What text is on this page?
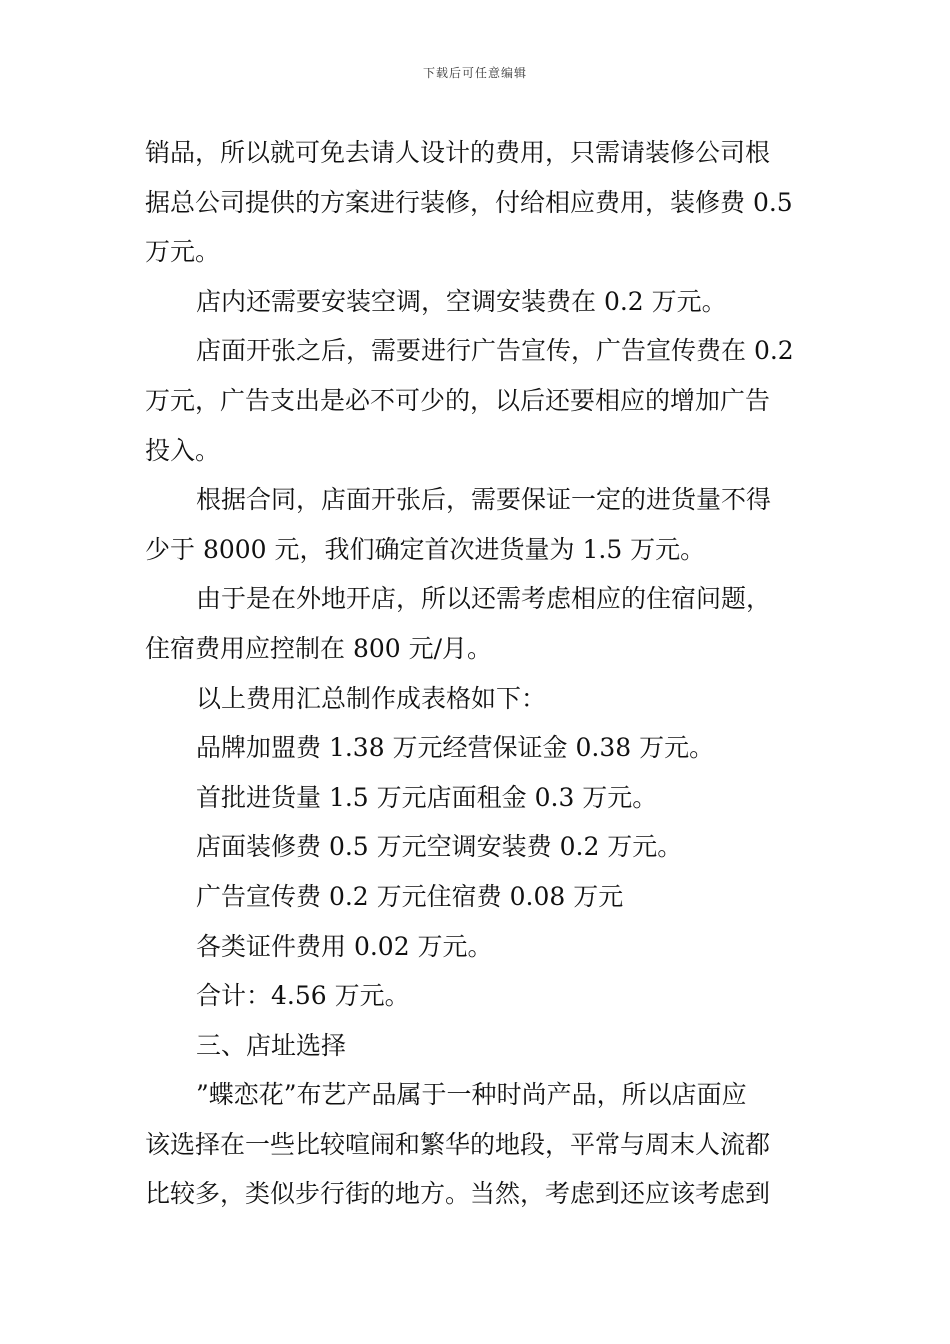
下载后可任意编辑
销品，所以就可免去请人设计的费用，只需请装修公司根
据总公司提供的方案进行装修，付给相应费用，装修费 0.5
万元。
店内还需要安装空调，空调安装费在 0.2 万元。
店面开张之后，需要进行广告宣传，广告宣传费在 0.2
万元，广告支出是必不可少的，以后还要相应的增加广告
投入。
根据合同，店面开张后，需要保证一定的进货量不得
少于 8000 元，我们确定首次进货量为 1.5 万元。
由于是在外地开店，所以还需考虑相应的住宿问题，
住宿费用应控制在 800 元/月。
以上费用汇总制作成表格如下：
品牌加盟费 1.38 万元经营保证金 0.38 万元。
首批进货量 1.5 万元店面租金 0.3 万元。
店面装修费 0.5 万元空调安装费 0.2 万元。
广告宣传费 0.2 万元住宿费 0.08 万元
各类证件费用 0.02 万元。
合计：4.56 万元。
三、店址选择
”蝶恋花”布艺产品属于一种时尚产品，所以店面应
该选择在一些比较喧闹和繁华的地段，平常与周末人流都
比较多，类似步行街的地方。当然，考虑到还应该考虑到
